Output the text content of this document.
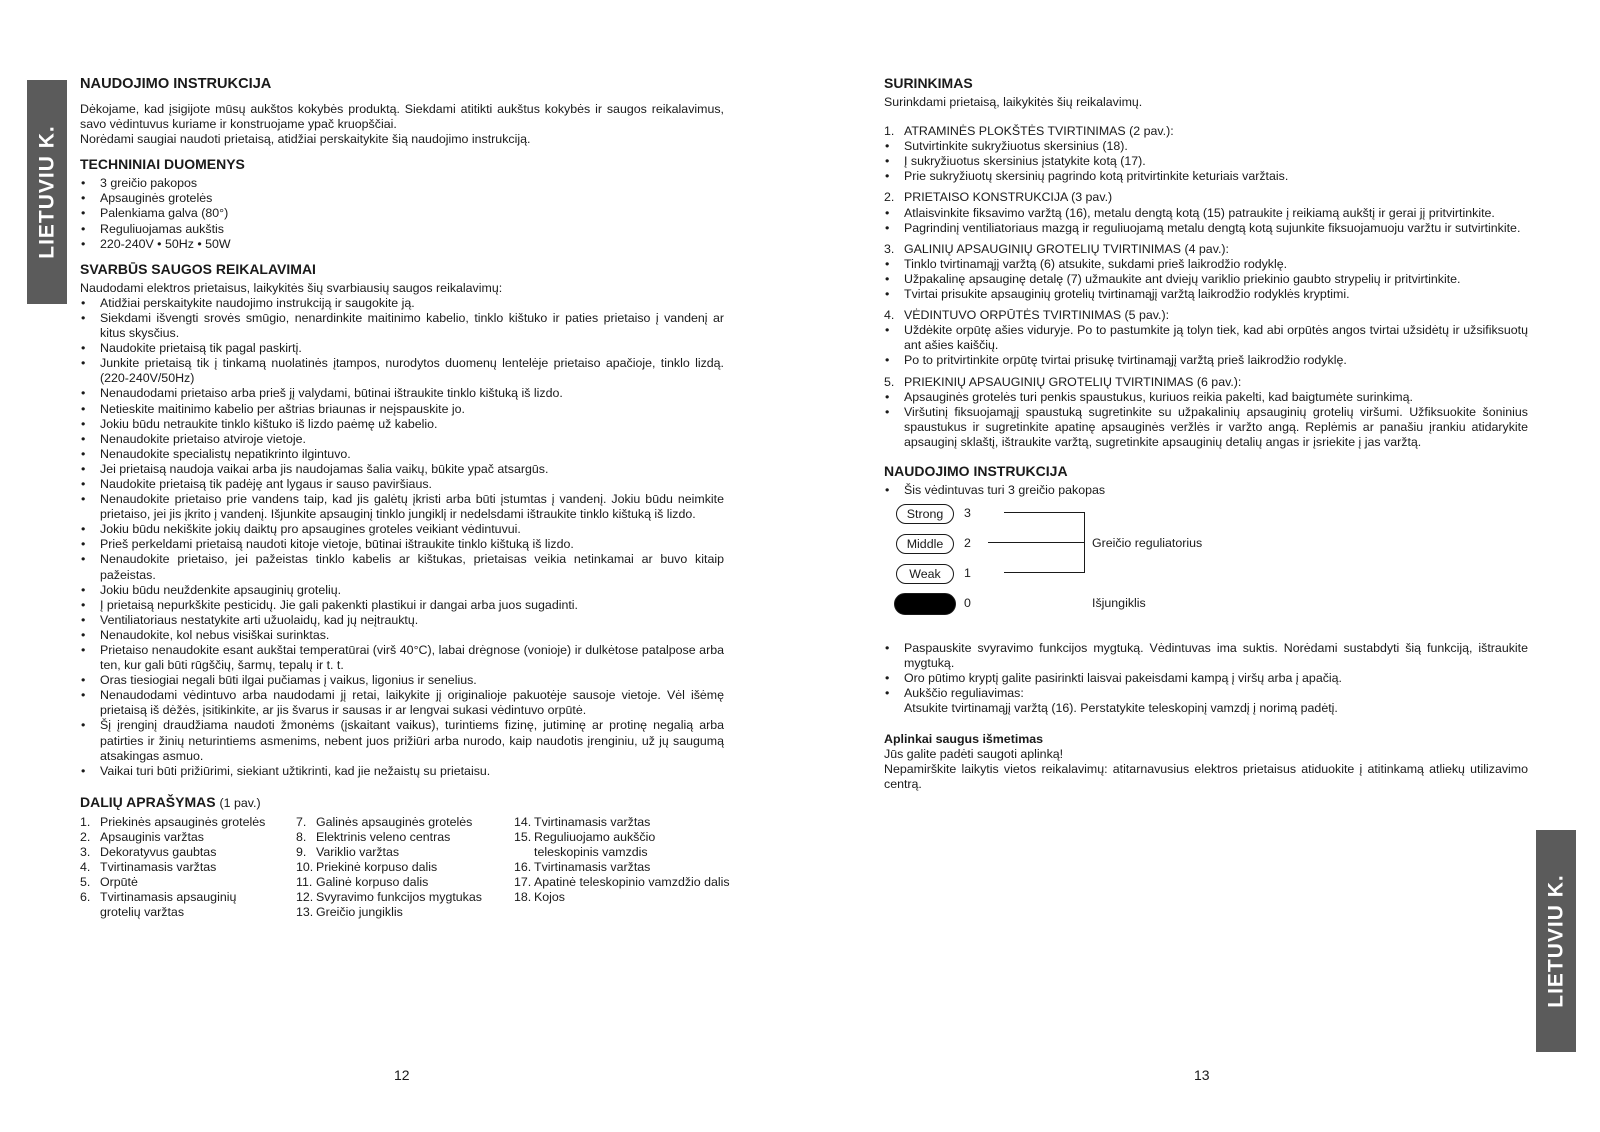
LIETUVIU K.
LIETUVIU K.
NAUDOJIMO INSTRUKCIJA

Dėkojame, kad įsigijote mūsų aukštos kokybės produktą. Siekdami atitikti aukštus kokybės ir saugos reikalavimus, savo vėdintuvus kuriame ir konstruojame ypač kruopščiai.

Norėdami saugiai naudoti prietaisą, atidžiai perskaitykite šią naudojimo instrukciją.

TECHNINIAI DUOMENYS
• 3 greičio pakopos
• Apsauginės grotelės
• Palenkiama galva (80°)
• Reguliuojamas aukštis
• 220-240V • 50Hz • 50W
SVARBŪS SAUGOS REIKALAVIMAI

Naudodami elektros prietaisus, laikykitės šių svarbiausių saugos reikalavimų:

• Atidžiai perskaitykite naudojimo instrukciją ir saugokite ją.
• Siekdami išvengti srovės smūgio, nenardinkite maitinimo kabelio, tinklo kištuko ir paties prietaiso į vandenį ar kitus skysčius.
• Naudokite prietaisą tik pagal paskirtį.
• Junkite prietaisą tik į tinkamą nuolatinės įtampos, nurodytos duomenų lentelėje prietaiso apačioje, tinklo lizdą. (220-240V/50Hz)
• Nenaudodami prietaiso arba prieš jį valydami, būtinai ištraukite tinklo kištuką iš lizdo.
• Netieskite maitinimo kabelio per aštrias briaunas ir neįspauskite jo.
• Jokiu būdu netraukite tinklo kištuko iš lizdo paėmę už kabelio.
• Nenaudokite prietaiso atviroje vietoje.
• Nenaudokite specialistų nepatikrinto ilgintuvo.
• Jei prietaisą naudoja vaikai arba jis naudojamas šalia vaikų, būkite ypač atsargūs.
• Naudokite prietaisą tik padėję ant lygaus ir sauso paviršiaus.
• Nenaudokite prietaiso prie vandens taip, kad jis galėtų įkristi arba būti įstumtas į vandenį. Jokiu būdu neimkite prietaiso, jei jis įkrito į vandenį. Išjunkite apsauginį tinklo jungiklį ir nedelsdami ištraukite tinklo kištuką iš lizdo.
• Jokiu būdu nekiškite jokių daiktų pro apsaugines groteles veikiant vėdintuvui.
• Prieš perkeldami prietaisą naudoti kitoje vietoje, būtinai ištraukite tinklo kištuką iš lizdo.
• Nenaudokite prietaiso, jei pažeistas tinklo kabelis ar kištukas, prietaisas veikia netinkamai ar buvo kitaip pažeistas.
• Jokiu būdu neuždenkite apsauginių grotelių.
• Į prietaisą nepurkškite pesticidų. Jie gali pakenkti plastikui ir dangai arba juos sugadinti.
• Ventiliatoriaus nestatykite arti užuolaidų, kad jų neįtrauktų.
• Nenaudokite, kol nebus visiškai surinktas.
• Prietaiso nenaudokite esant aukštai temperatūrai (virš 40°C), labai drėgnose (vonioje) ir dulkėtose patalpose arba ten, kur gali būti rūgščių, šarmų, tepalų ir t. t.
• Oras tiesiogiai negali būti ilgai pučiamas į vaikus, ligonius ir senelius.
• Nenaudodami vėdintuvo arba naudodami jį retai, laikykite jį originalioje pakuotėje sausoje vietoje. Vėl išėmę prietaisą iš dėžės, įsitikinkite, ar jis švarus ir sausas ir ar lengvai sukasi vėdintuvo orpūtė.
• Šį įrenginį draudžiama naudoti žmonėms (įskaitant vaikus), turintiems fizinę, jutiminę ar protinę negalią arba patirties ir žinių neturintiems asmenims, nebent juos prižiūri arba nurodo, kaip naudotis įrenginiu, už jų saugumą atsakingas asmuo.
• Vaikai turi būti prižiūrimi, siekiant užtikrinti, kad jie nežaistų su prietaisu.
DALIŲ APRAŠYMAS (1 pav.)
1. Priekinės apsauginės grotelės
2. Apsauginis varžtas
3. Dekoratyvus gaubtas
4. Tvirtinamasis varžtas
5. Orpūtė
6. Tvirtinamasis apsauginių grotelių varžtas
7. Galinės apsauginės grotelės
8. Elektrinis veleno centras
9. Variklio varžtas
10. Priekinė korpuso dalis
11. Galinė korpuso dalis
12. Svyravimo funkcijos mygtukas
13. Greičio jungiklis
14. Tvirtinamasis varžtas
15. Reguliuojamo aukščio teleskopinis vamzdis
16. Tvirtinamasis varžtas
17. Apatinė teleskopinio vamzdžio dalis
18. Kojos
SURINKIMAS

Surinkdami prietaisą, laikykitės šių reikalavimų.

1. ATRAMINĖS PLOKŠTĖS TVIRTINIMAS (2 pav.):
• Sutvirtinkite sukryžiuotus skersinius (18).
• Į sukryžiuotus skersinius įstatykite kotą (17).
• Prie sukryžiuotų skersinių pagrindo kotą pritvirtinkite keturiais varžtais.
2. PRIETAISO KONSTRUKCIJA (3 pav.)
• Atlaisvinkite fiksavimo varžtą (16), metalu dengtą kotą (15) patraukite į reikiamą aukštį ir gerai jį pritvirtinkite.
• Pagrindinį ventiliatoriaus mazgą ir reguliuojamą metalu dengtą kotą sujunkite fiksuojamuoju varžtu ir sutvirtinkite.
3. GALINIŲ APSAUGINIŲ GROTELIŲ TVIRTINIMAS (4 pav.):
• Tinklo tvirtinamąjį varžtą (6) atsukite, sukdami prieš laikrodžio rodyklę.
• Užpakalinę apsauginę detalę (7) užmaukite ant dviejų variklio priekinio gaubto strypelių ir pritvirtinkite.
• Tvirtai prisukite apsauginių grotelių tvirtinamąjį varžtą laikrodžio rodyklės kryptimi.
4. VĖDINTUVO ORPŪTĖS TVIRTINIMAS (5 pav.):
• Uždėkite orpūtę ašies viduryje. Po to pastumkite ją tolyn tiek, kad abi orpūtės angos tvirtai užsidėtų ir užsifiksuotų ant ašies kaiščių.
• Po to pritvirtinkite orpūtę tvirtai prisukę tvirtinamąjį varžtą prieš laikrodžio rodyklę.
5. PRIEKINIŲ APSAUGINIŲ GROTELIŲ TVIRTINIMAS (6 pav.):
• Apsauginės grotelės turi penkis spaustukus, kuriuos reikia pakelti, kad baigtumėte surinkimą.
• Viršutinį fiksuojamąjį spaustuką sugretinkite su užpakalinių apsauginių grotelių viršumi. Užfiksuokite šoninius spaustukus ir sugretinkite apatinę apsauginės veržlės ir varžto angą. Replėmis ar panašiu įrankiu atidarykite apsauginį sklaštį, ištraukite varžtą, sugretinkite apsauginių detalių angas ir įsriekite į jas varžtą.
NAUDOJIMO INSTRUKCIJA
• Šis vėdintuvas turi 3 greičio pakopas
Strong	3
Middle	2
Weak	1
0
Greičio reguliatorius
Išjungiklis
• Paspauskite svyravimo funkcijos mygtuką. Vėdintuvas ima suktis. Norėdami sustabdyti šią funkciją, ištraukite mygtuką.
• Oro pūtimo kryptį galite pasirinkti laisvai pakeisdami kampą į viršų arba į apačią.
• Aukščio reguliavimas:

Atsukite tvirtinamąjį varžtą (16). Perstatykite teleskopinį vamzdį į norimą padėtį.

Aplinkai saugus išmetimas

Jūs galite padėti saugoti aplinką!

Nepamirškite laikytis vietos reikalavimų: atitarnavusius elektros prietaisus atiduokite į atitinkamą atliekų utilizavimo centrą.

12	13
